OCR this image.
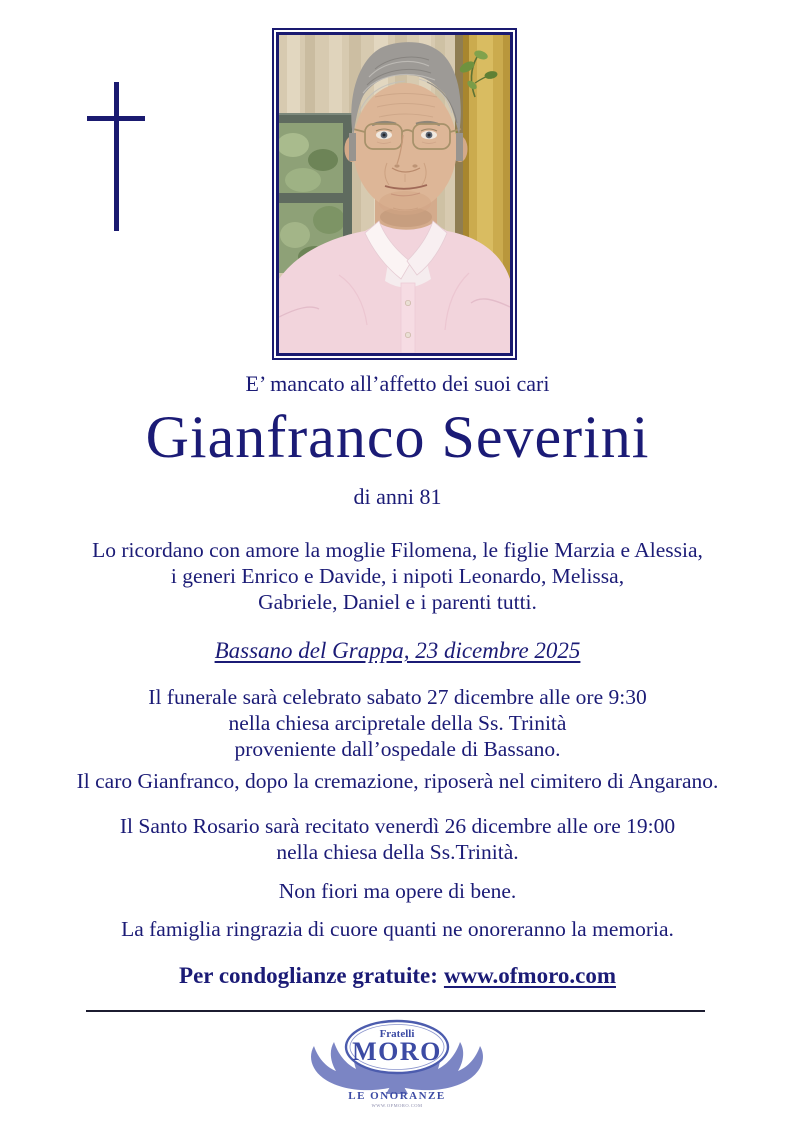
E’ mancato all’affetto dei suoi cari
Gianfranco Severini
di anni 81
Lo ricordano con amore la moglie Filomena, le figlie Marzia e Alessia,
i generi Enrico e Davide, i nipoti Leonardo, Melissa,
Gabriele, Daniel e i parenti tutti.
Bassano del Grappa, 23 dicembre 2025
Il funerale sarà celebrato sabato 27 dicembre alle ore 9:30
nella chiesa arcipretale della Ss. Trinità
proveniente dall’ospedale di Bassano.
Il caro Gianfranco, dopo la cremazione, riposerà nel cimitero di Angarano.
Il Santo Rosario sarà recitato venerdì 26 dicembre alle ore 19:00
nella chiesa della Ss.Trinità.
Non fiori ma opere di bene.
La famiglia ringrazia di cuore quanti ne onoreranno la memoria.
Per condoglianze gratuite: www.ofmoro.com
Fratelli
MORO
LE ONORANZE
WWW.OFMORO.COM
